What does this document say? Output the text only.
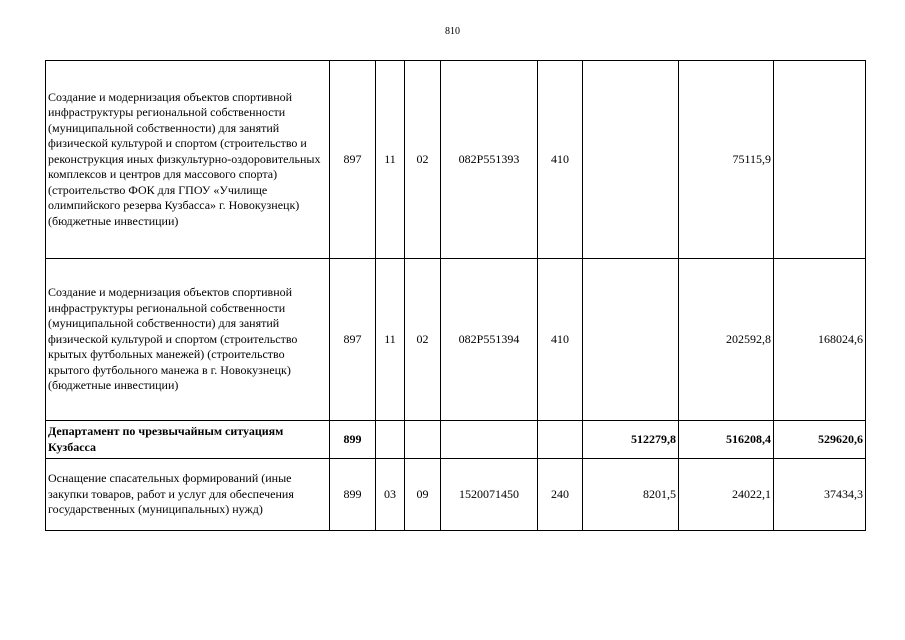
810
Создание и модернизация объектов спортивной инфраструктуры региональной собственности (муниципальной собственности) для занятий физической культурой и спортом (строительство и реконструкция иных физкультурно-оздоровительных комплексов и центров для массового спорта) (строительство ФОК для ГПОУ «Училище олимпийского резерва Кузбасса» г. Новокузнецк) (бюджетные инвестиции)	897	11	02	082P551393	410		75115,9	
Создание и модернизация объектов спортивной инфраструктуры региональной собственности (муниципальной собственности) для занятий физической культурой и спортом (строительство крытых футбольных манежей) (строительство крытого футбольного манежа в г. Новокузнецк) (бюджетные инвестиции)	897	11	02	082P551394	410		202592,8	168024,6
Департамент по чрезвычайным ситуациям Кузбасса	899					512279,8	516208,4	529620,6
Оснащение спасательных формирований (иные закупки товаров, работ и услуг для обеспечения государственных (муниципальных) нужд)	899	03	09	1520071450	240	8201,5	24022,1	37434,3
